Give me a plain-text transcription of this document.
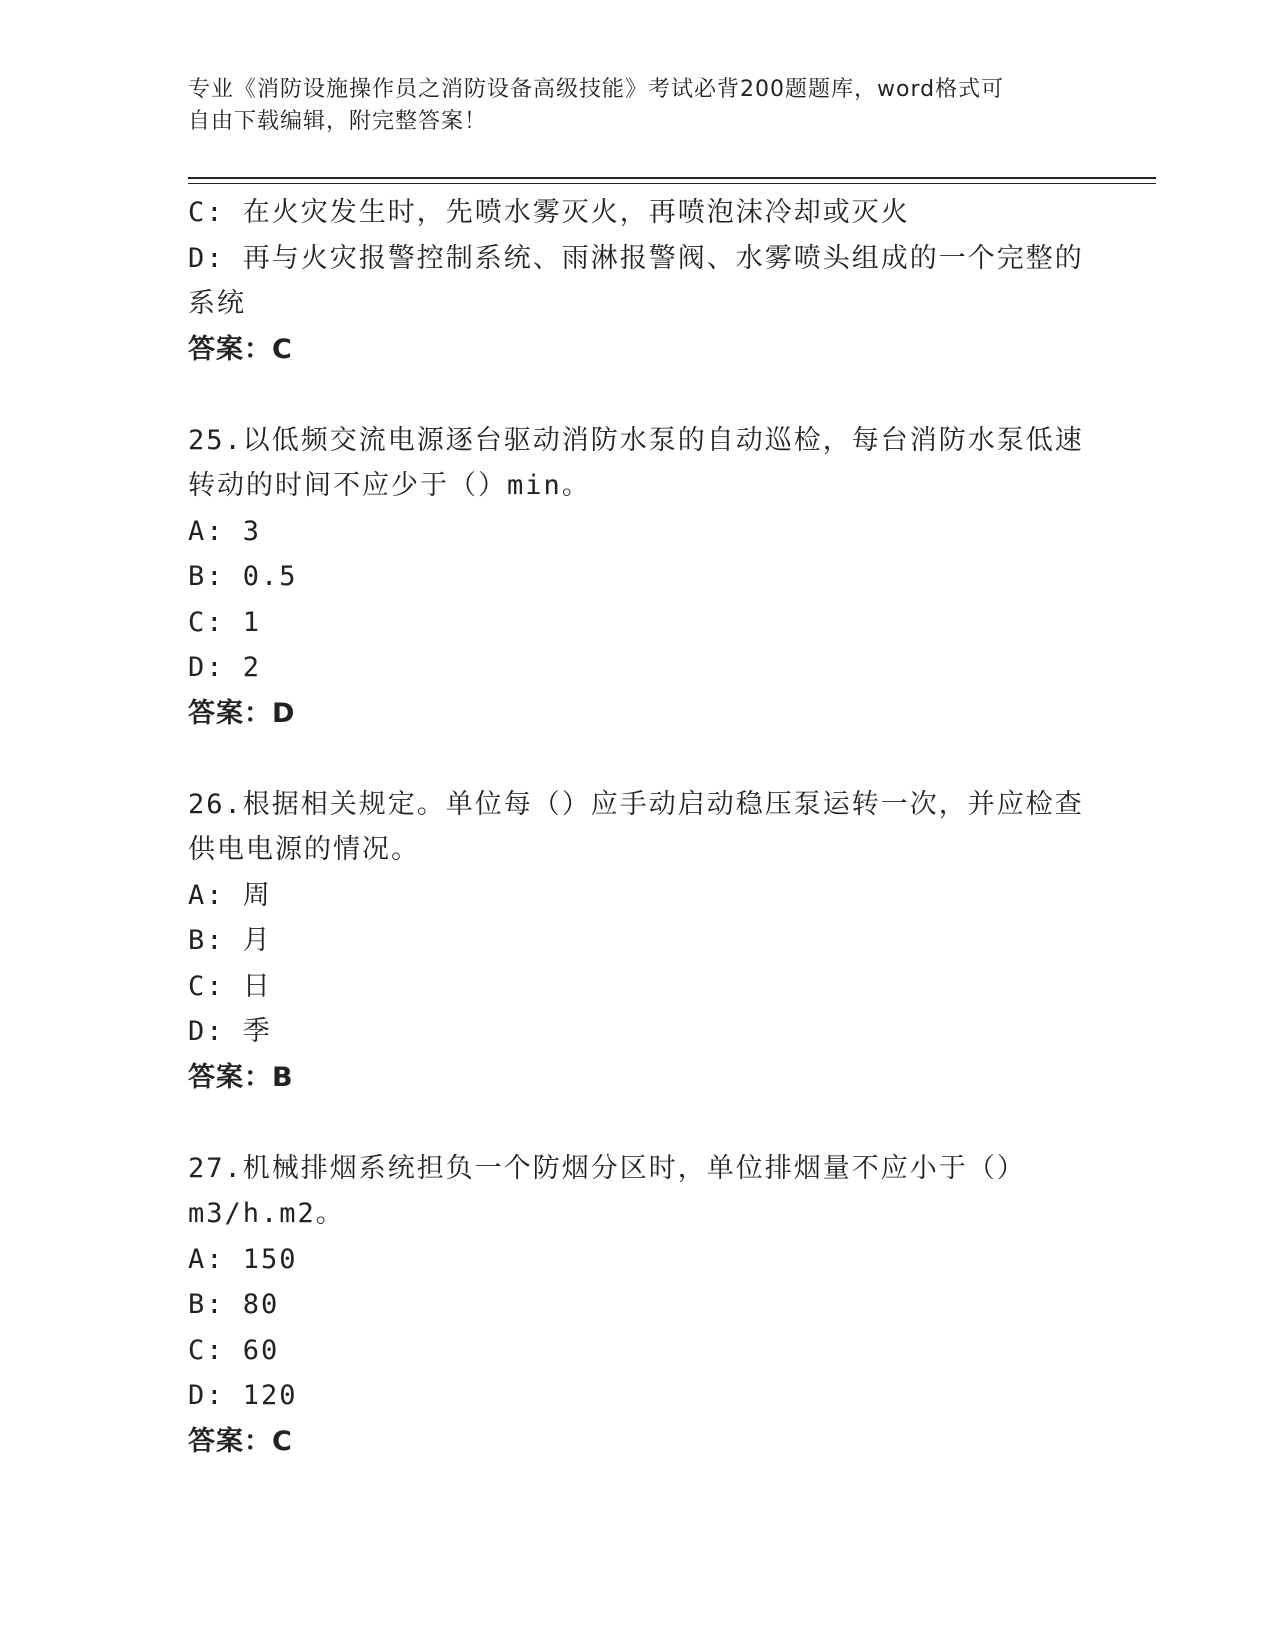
专业《消防设施操作员之消防设备高级技能》考试必背200题题库，word格式可
自由下载编辑，附完整答案！
C: 在火灾发生时，先喷水雾灭火，再喷泡沫冷却或灭火
D: 再与火灾报警控制系统、雨淋报警阀、水雾喷头组成的一个完整的
系统
答案：C
25.以低频交流电源逐台驱动消防水泵的自动巡检，每台消防水泵低速
转动的时间不应少于（）min。
A: 3
B: 0.5
C: 1
D: 2
答案：D
26.根据相关规定。单位每（）应手动启动稳压泵运转一次，并应检查
供电电源的情况。
A: 周
B: 月
C: 日
D: 季
答案：B
27.机械排烟系统担负一个防烟分区时，单位排烟量不应小于（）
m3/h.m2。
A: 150
B: 80
C: 60
D: 120
答案：C
